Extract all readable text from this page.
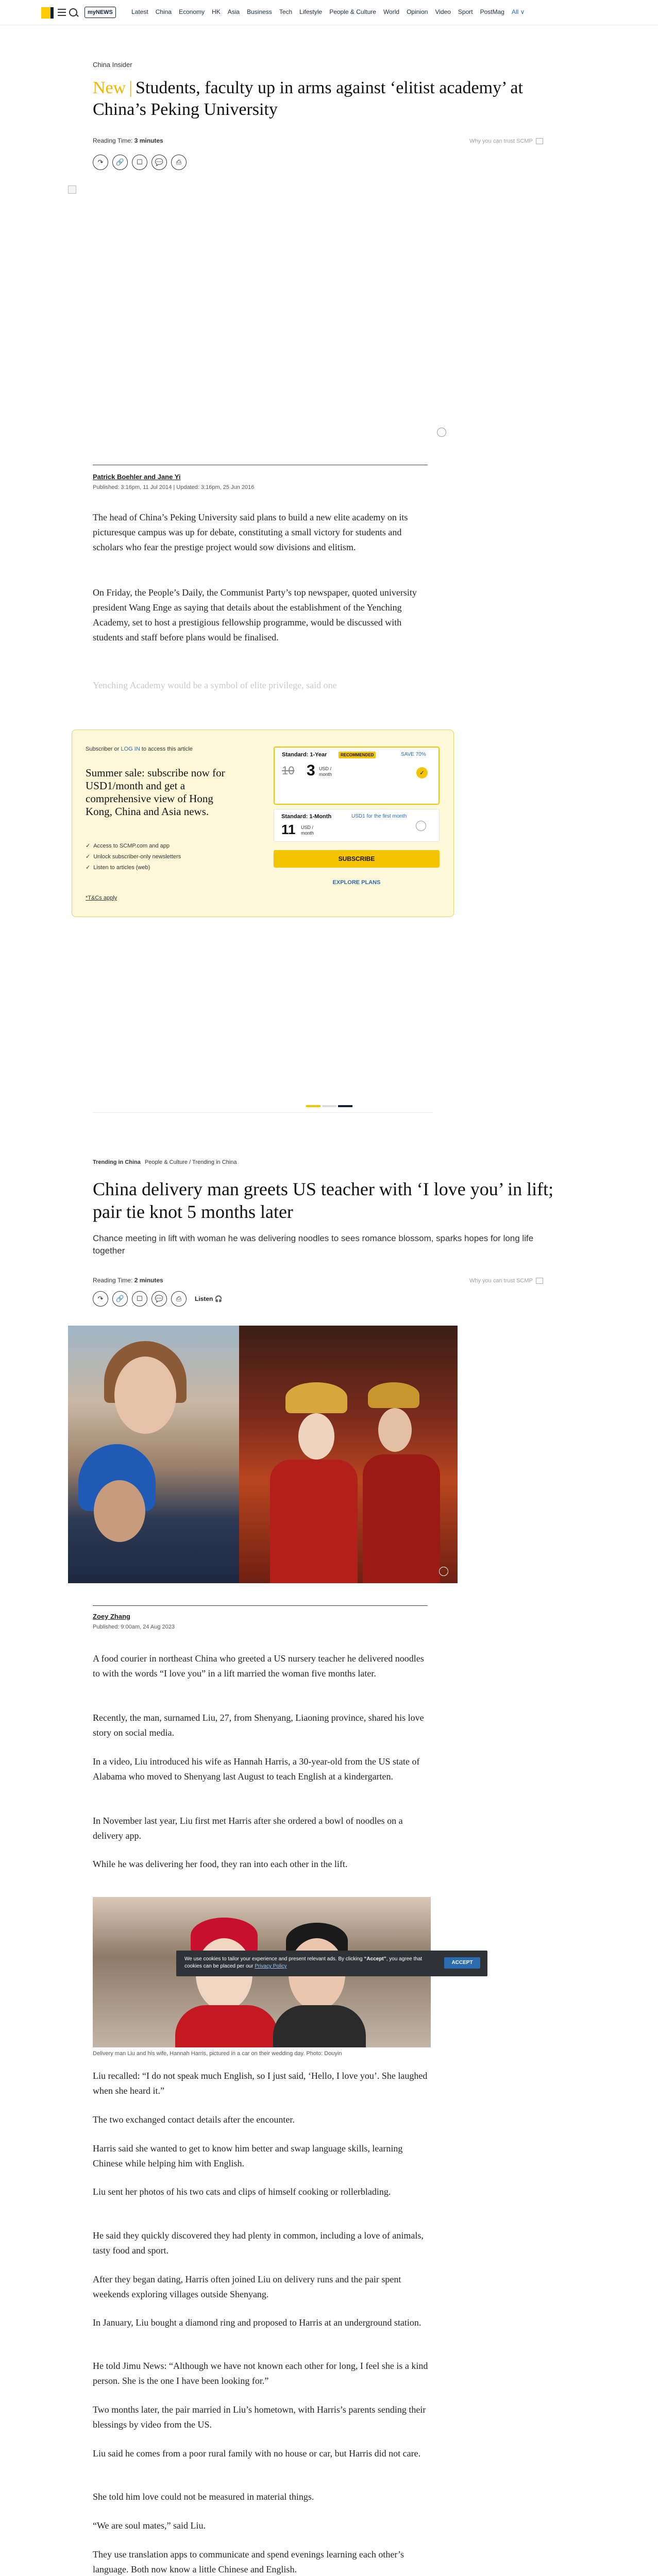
myNEWS	Latest China Economy HK Asia Business Tech Lifestyle People & Culture World Opinion Video Sport PostMag All ∨
China Insider
New | Students, faculty up in arms against ‘elitist academy’ at China’s Peking University
Reading Time: 3 minutes	Why you can trust SCMP
↷	🔗	☐	💬	⎙
Patrick Boehler and Jane Yi
Published: 3:16pm, 11 Jul 2014 | Updated: 3:16pm, 25 Jun 2016
The head of China’s Peking University said plans to build a new elite academy on its picturesque campus was up for debate, constituting a small victory for students and scholars who fear the prestige project would sow divisions and elitism.
On Friday, the People’s Daily, the Communist Party’s top newspaper, quoted university president Wang Enge as saying that details about the establishment of the Yenching Academy, set to host a prestigious fellowship programme, would be discussed with students and staff before plans would be finalised.
Yenching Academy would be a symbol of elite privilege, said one
Subscriber or LOG IN to access this article
Summer sale: subscribe now for USD1/month and get a comprehensive view of Hong Kong, China and Asia news.
✓ Access to SCMP.com and app
✓ Unlock subscriber-only newsletters
✓ Listen to articles (web)
*T&Cs apply
Standard: 1-Year	RECOMMENDED	SAVE 70%
10 3 USD / month	✓
Standard: 1-Month	USD1 for the first month
11 USD / month
SUBSCRIBE
EXPLORE PLANS
Trending in China People & Culture / Trending in China
China delivery man greets US teacher with ‘I love you’ in lift; pair tie knot 5 months later
Chance meeting in lift with woman he was delivering noodles to sees romance blossom, sparks hopes for long life together
Reading Time: 2 minutes	Why you can trust SCMP
↷	🔗	☐	💬	⎙	Listen 🎧
Zoey Zhang
Published: 9:00am, 24 Aug 2023
A food courier in northeast China who greeted a US nursery teacher he delivered noodles to with the words “I love you” in a lift married the woman five months later.
Recently, the man, surnamed Liu, 27, from Shenyang, Liaoning province, shared his love story on social media.
In a video, Liu introduced his wife as Hannah Harris, a 30-year-old from the US state of Alabama who moved to Shenyang last August to teach English at a kindergarten.
In November last year, Liu first met Harris after she ordered a bowl of noodles on a delivery app.
While he was delivering her food, they ran into each other in the lift.
Delivery man Liu and his wife, Hannah Harris, pictured in a car on their wedding day. Photo: Douyin
We use cookies to tailor your experience and present relevant ads. By clicking “Accept”, you agree that cookies can be placed per our Privacy Policy
ACCEPT
Liu recalled: “I do not speak much English, so I just said, ‘Hello, I love you’. She laughed when she heard it.”
The two exchanged contact details after the encounter.
Harris said she wanted to get to know him better and swap language skills, learning Chinese while helping him with English.
Liu sent her photos of his two cats and clips of himself cooking or rollerblading.
He said they quickly discovered they had plenty in common, including a love of animals, tasty food and sport.
After they began dating, Harris often joined Liu on delivery runs and the pair spent weekends exploring villages outside Shenyang.
In January, Liu bought a diamond ring and proposed to Harris at an underground station.
He told Jimu News: “Although we have not known each other for long, I feel she is a kind person. She is the one I have been looking for.”
Two months later, the pair married in Liu’s hometown, with Harris’s parents sending their blessings by video from the US.
Liu said he comes from a poor rural family with no house or car, but Harris did not care.
She told him love could not be measured in material things.
“We are soul mates,” said Liu.
They use translation apps to communicate and spend evenings learning each other’s language. Both now know a little Chinese and English.
